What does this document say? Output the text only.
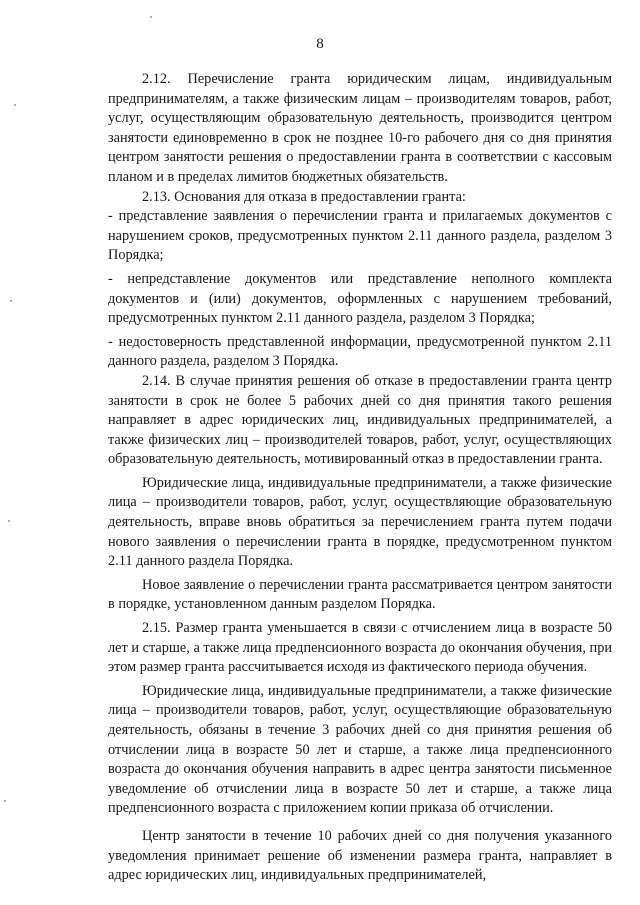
8

2.12. Перечисление гранта юридическим лицам, индивидуальным предпринимателям, а также физическим лицам – производителям товаров, работ, услуг, осуществляющим образовательную деятельность, производится центром занятости единовременно в срок не позднее 10-го рабочего дня со дня принятия центром занятости решения о предоставлении гранта в соответствии с кассовым планом и в пределах лимитов бюджетных обязательств.

2.13. Основания для отказа в предоставлении гранта:

- представление заявления о перечислении гранта и прилагаемых документов с нарушением сроков, предусмотренных пунктом 2.11 данного раздела, разделом 3 Порядка;

- непредставление документов или представление неполного комплекта документов и (или) документов, оформленных с нарушением требований, предусмотренных пунктом 2.11 данного раздела, разделом 3 Порядка;

- недостоверность представленной информации, предусмотренной пунктом 2.11 данного раздела, разделом 3 Порядка.

2.14. В случае принятия решения об отказе в предоставлении гранта центр занятости в срок не более 5 рабочих дней со дня принятия такого решения направляет в адрес юридических лиц, индивидуальных предпринимателей, а также физических лиц – производителей товаров, работ, услуг, осуществляющих образовательную деятельность, мотивированный отказ в предоставлении гранта.

Юридические лица, индивидуальные предприниматели, а также физические лица – производители товаров, работ, услуг, осуществляющие образовательную деятельность, вправе вновь обратиться за перечислением гранта путем подачи нового заявления о перечислении гранта в порядке, предусмотренном пунктом 2.11 данного раздела Порядка.

Новое заявление о перечислении гранта рассматривается центром занятости в порядке, установленном данным разделом Порядка.

2.15. Размер гранта уменьшается в связи с отчислением лица в возрасте 50 лет и старше, а также лица предпенсионного возраста до окончания обучения, при этом размер гранта рассчитывается исходя из фактического периода обучения.

Юридические лица, индивидуальные предприниматели, а также физические лица – производители товаров, работ, услуг, осуществляющие образовательную деятельность, обязаны в течение 3 рабочих дней со дня принятия решения об отчислении лица в возрасте 50 лет и старше, а также лица предпенсионного возраста до окончания обучения направить в адрес центра занятости письменное уведомление об отчислении лица в возрасте 50 лет и старше, а также лица предпенсионного возраста с приложением копии приказа об отчислении.

Центр занятости в течение 10 рабочих дней со дня получения указанного уведомления принимает решение об изменении размера гранта, направляет в адрес юридических лиц, индивидуальных предпринимателей,
